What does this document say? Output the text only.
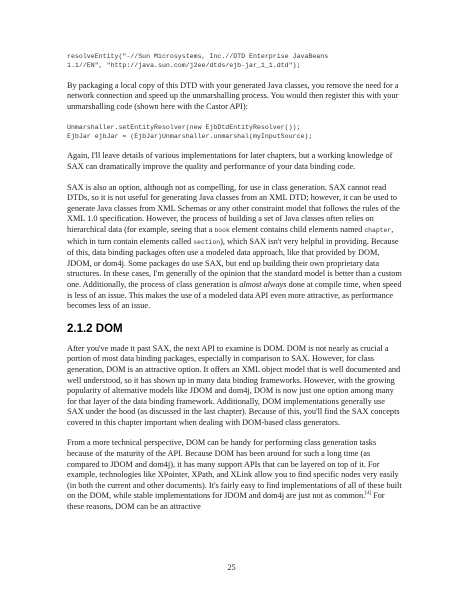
resolveEntity("-//Sun Microsystems, Inc.//DTD Enterprise JavaBeans
1.1//EN", "http://java.sun.com/j2ee/dtds/ejb-jar_1_1.dtd");

By packaging a local copy of this DTD with your generated Java classes, you remove the need for a network connection and speed up the unmarshalling process. You would then register this with your unmarshalling code (shown here with the Castor API):

Unmarshaller.setEntityResolver(new EjbDtdEntityResolver());
EjbJar ejbJar = (EjbJar)Unmarshaller.unmarshal(myInputSource);

Again, I'll leave details of various implementations for later chapters, but a working knowledge of SAX can dramatically improve the quality and performance of your data binding code.

SAX is also an option, although not as compelling, for use in class generation. SAX cannot read DTDs, so it is not useful for generating Java classes from an XML DTD; however, it can be used to generate Java classes from XML Schemas or any other constraint model that follows the rules of the XML 1.0 specification. However, the process of building a set of Java classes often relies on hierarchical data (for example, seeing that a book element contains child elements named chapter, which in turn contain elements called section), which SAX isn't very helpful in providing. Because of this, data binding packages often use a modeled data approach, like that provided by DOM, JDOM, or dom4j. Some packages do use SAX, but end up building their own proprietary data structures. In these cases, I'm generally of the opinion that the standard model is better than a custom one. Additionally, the process of class generation is almost always done at compile time, when speed is less of an issue. This makes the use of a modeled data API even more attractive, as performance becomes less of an issue.

2.1.2 DOM

After you've made it past SAX, the next API to examine is DOM. DOM is not nearly as crucial a portion of most data binding packages, especially in comparison to SAX. However, for class generation, DOM is an attractive option. It offers an XML object model that is well documented and well understood, so it has shown up in many data binding frameworks. However, with the growing popularity of alternative models like JDOM and dom4j, DOM is now just one option among many for that layer of the data binding framework. Additionally, DOM implementations generally use SAX under the hood (as discussed in the last chapter). Because of this, you'll find the SAX concepts covered in this chapter important when dealing with DOM-based class generators.

From a more technical perspective, DOM can be handy for performing class generation tasks because of the maturity of the API. Because DOM has been around for such a long time (as compared to JDOM and dom4j), it has many support APIs that can be layered on top of it. For example, technologies like XPointer, XPath, and XLink allow you to find specific nodes very easily (in both the current and other documents). It's fairly easy to find implementations of all of these built on the DOM, while stable implementations for JDOM and dom4j are just not as common.[4] For these reasons, DOM can be an attractive

25
